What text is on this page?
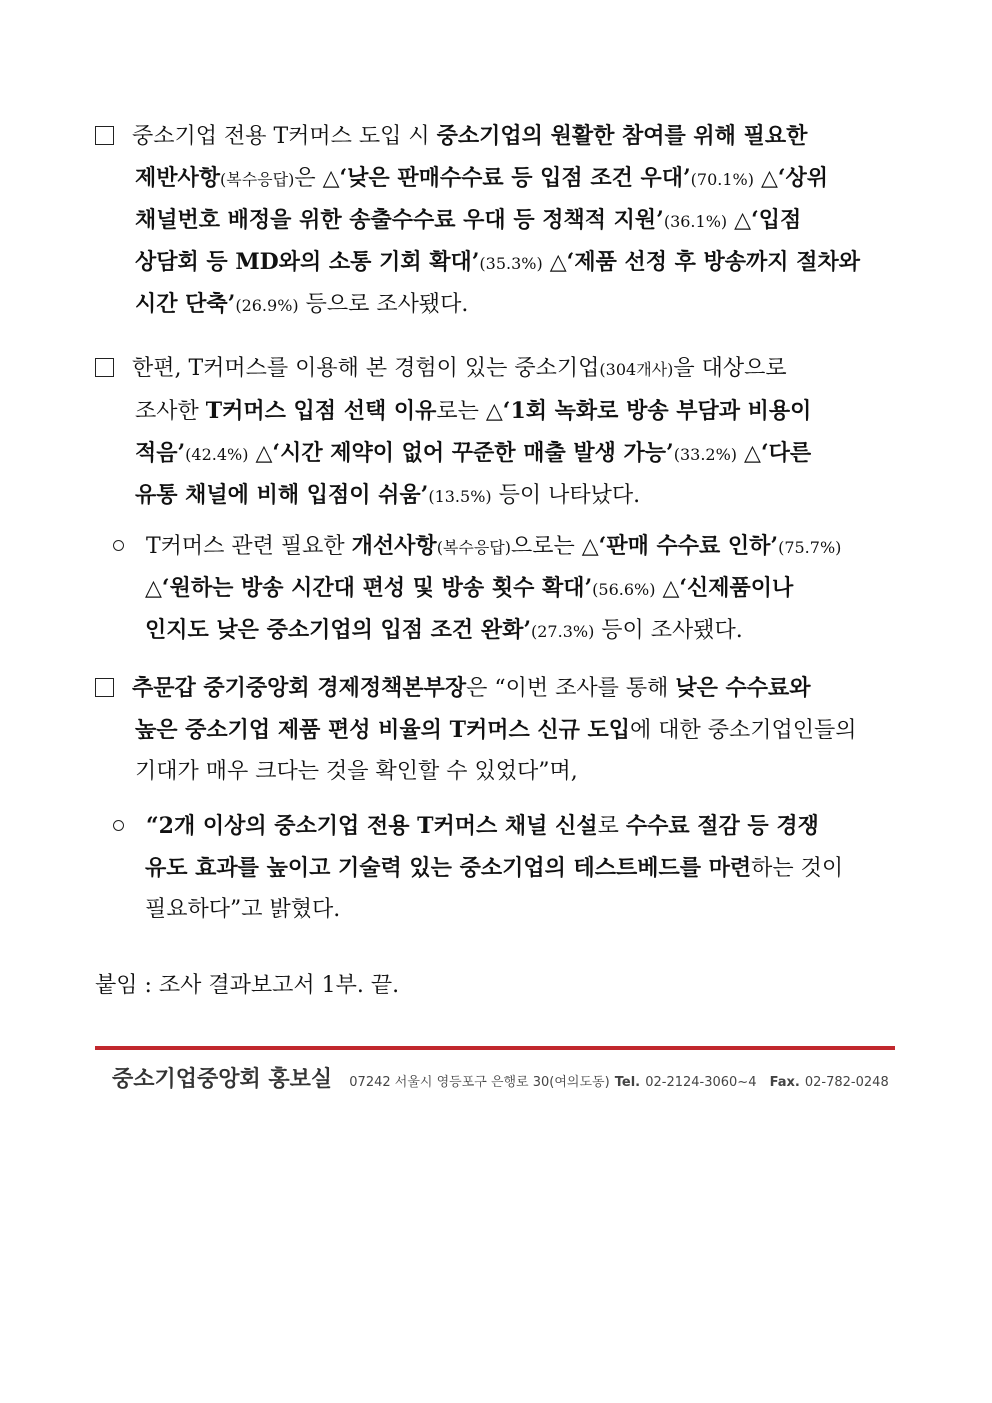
중소기업 전용 T커머스 도입 시 중소기업의 원활한 참여를 위해 필요한
제반사항(복수응답)은 △‘낮은 판매수수료 등 입점 조건 우대’(70.1%) △‘상위
채널번호 배정을 위한 송출수수료 우대 등 정책적 지원’(36.1%) △‘입점
상담회 등 MD와의 소통 기회 확대’(35.3%) △‘제품 선정 후 방송까지 절차와
시간 단축’(26.9%) 등으로 조사됐다.
한편, T커머스를 이용해 본 경험이 있는 중소기업(304개사)을 대상으로
조사한 T커머스 입점 선택 이유로는 △‘1회 녹화로 방송 부담과 비용이
적음’(42.4%) △‘시간 제약이 없어 꾸준한 매출 발생 가능’(33.2%) △‘다른
유통 채널에 비해 입점이 쉬움’(13.5%) 등이 나타났다.
T커머스 관련 필요한 개선사항(복수응답)으로는 △‘판매 수수료 인하’(75.7%)
△‘원하는 방송 시간대 편성 및 방송 횟수 확대’(56.6%) △‘신제품이나
인지도 낮은 중소기업의 입점 조건 완화’(27.3%) 등이 조사됐다.
추문갑 중기중앙회 경제정책본부장은 “이번 조사를 통해 낮은 수수료와
높은 중소기업 제품 편성 비율의 T커머스 신규 도입에 대한 중소기업인들의
기대가 매우 크다는 것을 확인할 수 있었다”며,
“2개 이상의 중소기업 전용 T커머스 채널 신설로 수수료 절감 등 경쟁
유도 효과를 높이고 기술력 있는 중소기업의 테스트베드를 마련하는 것이
필요하다”고 밝혔다.
붙임 : 조사 결과보고서 1부. 끝.
중소기업중앙회 홍보실 07242 서울시 영등포구 은행로 30(여의도동) Tel. 02-2124-3060~4 Fax. 02-782-0248
